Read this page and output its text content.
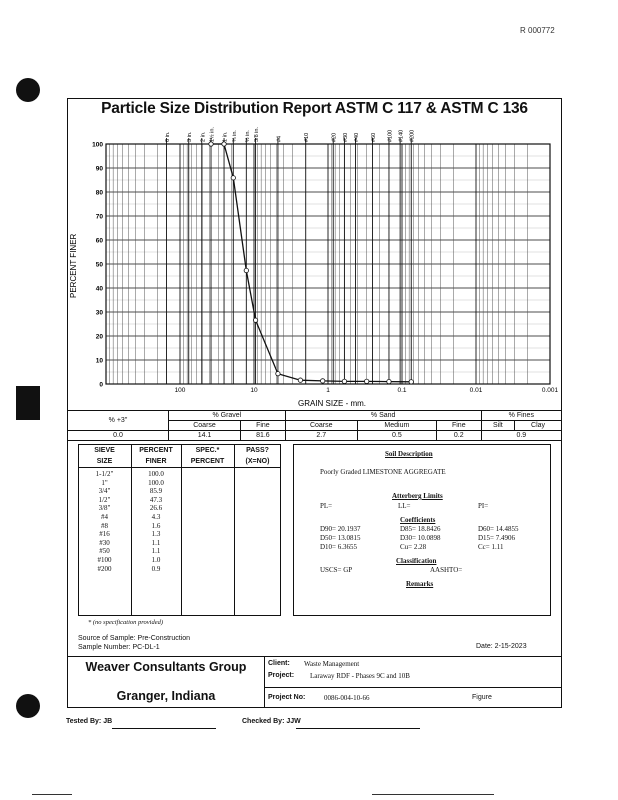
R 000772
Particle Size Distribution Report ASTM C 117 & ASTM C 136
0
10
20
30
40
50
60
70
80
90
100
100	10	1	0.1	0.01	0.001
6 in.	3 in. 2 in. 1½ in. 1 in. ¾ in. ½ in. 3/8 in.	#4	#10	#20 #30 #40 #60 #100 #140 #200
PERCENT FINER
GRAIN SIZE - mm.
% +3"	% Gravel		% Sand			% Fines	
	Coarse	Fine	Coarse	Medium	Fine	Silt	Clay
0.0	14.1	81.6	2.7	0.5	0.2	0.9	
SIEVE	PERCENT	SPEC.*	PASS?
SIZE	FINER	PERCENT	(X=NO)
1-1/2"	100.0
1"	100.0
3/4"	85.9
1/2"	47.3
3/8"	26.6
#4	4.3
#8	1.6
#16	1.3
#30	1.1
#50	1.1
#100	1.0
#200	0.9
Soil Description
Poorly Graded LIMESTONE AGGREGATE
Atterberg Limits
PL=	LL=	PI=
Coefficients
D90= 20.1937	D85= 18.8426	D60= 14.4855
D50= 13.0815	D30= 10.0898	D15= 7.4906
D10= 6.3655	Cu= 2.28	Cc= 1.11
Classification
USCS= GP	AASHTO=
Remarks
* (no specification provided)
Source of Sample: Pre-Construction
Sample Number: PC-DL-1	Date: 2-15-2023
Weaver Consultants Group
Granger, Indiana
Client: Waste Management
Project: Laraway RDF - Phases 9C and 10B
Project No:	0086-004-10-66	Figure
Tested By: JB	Checked By: JJW
